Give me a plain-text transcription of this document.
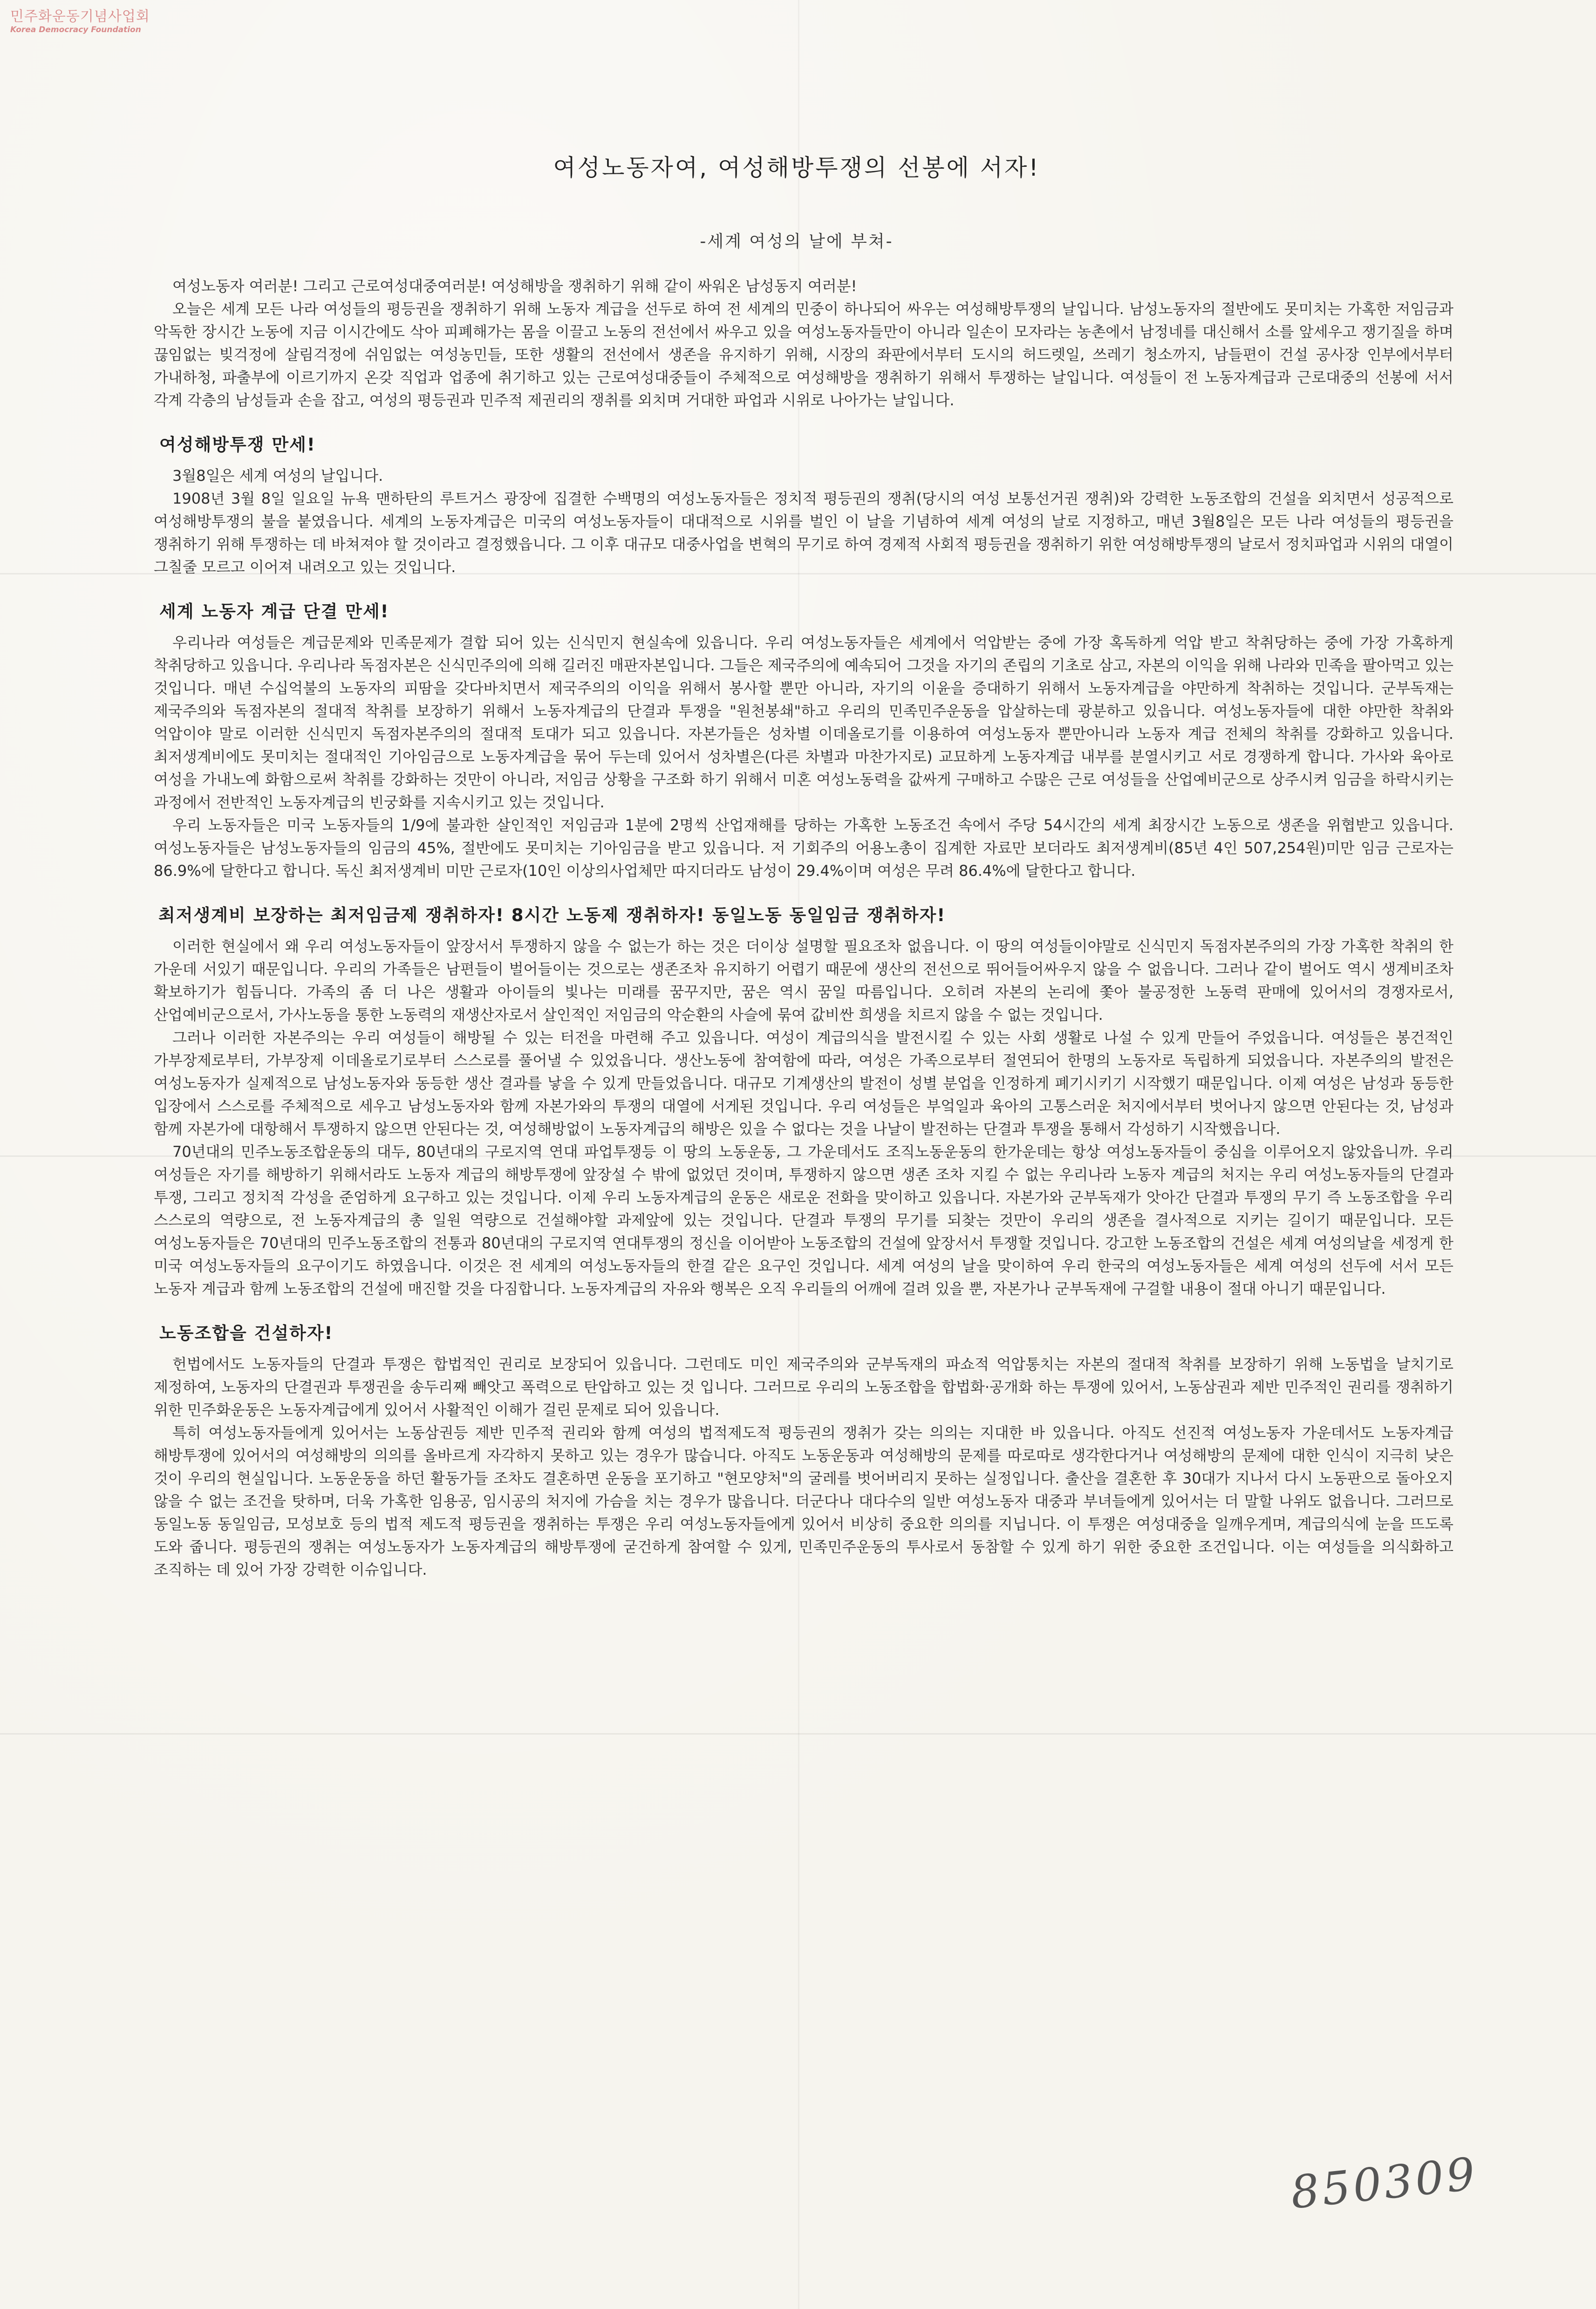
민주화운동기념사업회
Korea Democracy Foundation
여성노동자여, 여성해방투쟁의 선봉에 서자!
-세계 여성의 날에 부쳐-

여성노동자 여러분! 그리고 근로여성대중여러분! 여성해방을 쟁취하기 위해 같이 싸워온 남성동지 여러분!

오늘은 세계 모든 나라 여성들의 평등권을 쟁취하기 위해 노동자 계급을 선두로 하여 전 세계의 민중이 하나되어 싸우는 여성해방투쟁의 날입니다. 남성노동자의 절반에도 못미치는 가혹한 저임금과 악독한 장시간 노동에 지금 이시간에도 삭아 피폐해가는 몸을 이끌고 노동의 전선에서 싸우고 있을 여성노동자들만이 아니라 일손이 모자라는 농촌에서 남정네를 대신해서 소를 앞세우고 쟁기질을 하며 끊임없는 빚걱정에 살림걱정에 쉬임없는 여성농민들, 또한 생활의 전선에서 생존을 유지하기 위해, 시장의 좌판에서부터 도시의 허드렛일, 쓰레기 청소까지, 남들편이 건설 공사장 인부에서부터 가내하청, 파출부에 이르기까지 온갖 직업과 업종에 취기하고 있는 근로여성대중들이 주체적으로 여성해방을 쟁취하기 위해서 투쟁하는 날입니다. 여성들이 전 노동자계급과 근로대중의 선봉에 서서 각계 각층의 남성들과 손을 잡고, 여성의 평등권과 민주적 제권리의 쟁취를 외치며 거대한 파업과 시위로 나아가는 날입니다.

여성해방투쟁 만세!

3월8일은 세계 여성의 날입니다.

1908년 3월 8일 일요일 뉴욕 맨하탄의 루트거스 광장에 집결한 수백명의 여성노동자들은 정치적 평등권의 쟁취(당시의 여성 보통선거권 쟁취)와 강력한 노동조합의 건설을 외치면서 성공적으로 여성해방투쟁의 불을 붙였읍니다. 세계의 노동자계급은 미국의 여성노동자들이 대대적으로 시위를 벌인 이 날을 기념하여 세계 여성의 날로 지정하고, 매년 3월8일은 모든 나라 여성들의 평등권을 쟁취하기 위해 투쟁하는 데 바쳐져야 할 것이라고 결정했읍니다. 그 이후 대규모 대중사업을 변혁의 무기로 하여 경제적 사회적 평등권을 쟁취하기 위한 여성해방투쟁의 날로서 정치파업과 시위의 대열이 그칠줄 모르고 이어져 내려오고 있는 것입니다.

세계 노동자 계급 단결 만세!

우리나라 여성들은 계급문제와 민족문제가 결합 되어 있는 신식민지 현실속에 있읍니다. 우리 여성노동자들은 세계에서 억압받는 중에 가장 혹독하게 억압 받고 착취당하는 중에 가장 가혹하게 착취당하고 있읍니다. 우리나라 독점자본은 신식민주의에 의해 길러진 매판자본입니다. 그들은 제국주의에 예속되어 그것을 자기의 존립의 기초로 삼고, 자본의 이익을 위해 나라와 민족을 팔아먹고 있는 것입니다. 매년 수십억불의 노동자의 피땀을 갖다바치면서 제국주의의 이익을 위해서 봉사할 뿐만 아니라, 자기의 이윤을 증대하기 위해서 노동자계급을 야만하게 착취하는 것입니다. 군부독재는 제국주의와 독점자본의 절대적 착취를 보장하기 위해서 노동자계급의 단결과 투쟁을 "원천봉쇄"하고 우리의 민족민주운동을 압살하는데 광분하고 있읍니다. 여성노동자들에 대한 야만한 착취와 억압이야 말로 이러한 신식민지 독점자본주의의 절대적 토대가 되고 있읍니다. 자본가들은 성차별 이데올로기를 이용하여 여성노동자 뿐만아니라 노동자 계급 전체의 착취를 강화하고 있읍니다. 최저생계비에도 못미치는 절대적인 기아임금으로 노동자계급을 묶어 두는데 있어서 성차별은(다른 차별과 마찬가지로) 교묘하게 노동자계급 내부를 분열시키고 서로 경쟁하게 합니다. 가사와 육아로 여성을 가내노예 화함으로써 착취를 강화하는 것만이 아니라, 저임금 상황을 구조화 하기 위해서 미혼 여성노동력을 값싸게 구매하고 수많은 근로 여성들을 산업예비군으로 상주시켜 임금을 하락시키는 과정에서 전반적인 노동자계급의 빈궁화를 지속시키고 있는 것입니다.

우리 노동자들은 미국 노동자들의 1/9에 불과한 살인적인 저임금과 1분에 2명씩 산업재해를 당하는 가혹한 노동조건 속에서 주당 54시간의 세계 최장시간 노동으로 생존을 위협받고 있읍니다. 여성노동자들은 남성노동자들의 임금의 45%, 절반에도 못미치는 기아임금을 받고 있읍니다. 저 기회주의 어용노총이 집계한 자료만 보더라도 최저생계비(85년 4인 507,254원)미만 임금 근로자는 86.9%에 달한다고 합니다. 독신 최저생계비 미만 근로자(10인 이상의사업체만 따지더라도 남성이 29.4%이며 여성은 무려 86.4%에 달한다고 합니다.

최저생계비 보장하는 최저임금제 쟁취하자! 8시간 노동제 쟁취하자! 동일노동 동일임금 쟁취하자!

이러한 현실에서 왜 우리 여성노동자들이 앞장서서 투쟁하지 않을 수 없는가 하는 것은 더이상 설명할 필요조차 없읍니다. 이 땅의 여성들이야말로 신식민지 독점자본주의의 가장 가혹한 착취의 한 가운데 서있기 때문입니다. 우리의 가족들은 남편들이 벌어들이는 것으로는 생존조차 유지하기 어렵기 때문에 생산의 전선으로 뛰어들어싸우지 않을 수 없읍니다. 그러나 같이 벌어도 역시 생계비조차 확보하기가 힘듭니다. 가족의 좀 더 나은 생활과 아이들의 빛나는 미래를 꿈꾸지만, 꿈은 역시 꿈일 따름입니다. 오히려 자본의 논리에 쫓아 불공정한 노동력 판매에 있어서의 경쟁자로서, 산업예비군으로서, 가사노동을 통한 노동력의 재생산자로서 살인적인 저임금의 악순환의 사슬에 묶여 값비싼 희생을 치르지 않을 수 없는 것입니다.

그러나 이러한 자본주의는 우리 여성들이 해방될 수 있는 터전을 마련해 주고 있읍니다. 여성이 계급의식을 발전시킬 수 있는 사회 생활로 나설 수 있게 만들어 주었읍니다. 여성들은 봉건적인 가부장제로부터, 가부장제 이데올로기로부터 스스로를 풀어낼 수 있었읍니다. 생산노동에 참여함에 따라, 여성은 가족으로부터 절연되어 한명의 노동자로 독립하게 되었읍니다. 자본주의의 발전은 여성노동자가 실제적으로 남성노동자와 동등한 생산 결과를 낳을 수 있게 만들었읍니다. 대규모 기계생산의 발전이 성별 분업을 인정하게 폐기시키기 시작했기 때문입니다. 이제 여성은 남성과 동등한 입장에서 스스로를 주체적으로 세우고 남성노동자와 함께 자본가와의 투쟁의 대열에 서게된 것입니다. 우리 여성들은 부엌일과 육아의 고통스러운 처지에서부터 벗어나지 않으면 안된다는 것, 남성과 함께 자본가에 대항해서 투쟁하지 않으면 안된다는 것, 여성해방없이 노동자계급의 해방은 있을 수 없다는 것을 나날이 발전하는 단결과 투쟁을 통해서 각성하기 시작했읍니다.

70년대의 민주노동조합운동의 대두, 80년대의 구로지역 연대 파업투쟁등 이 땅의 노동운동, 그 가운데서도 조직노동운동의 한가운데는 항상 여성노동자들이 중심을 이루어오지 않았읍니까. 우리 여성들은 자기를 해방하기 위해서라도 노동자 계급의 해방투쟁에 앞장설 수 밖에 없었던 것이며, 투쟁하지 않으면 생존 조차 지킬 수 없는 우리나라 노동자 계급의 처지는 우리 여성노동자들의 단결과 투쟁, 그리고 정치적 각성을 준엄하게 요구하고 있는 것입니다. 이제 우리 노동자계급의 운동은 새로운 전화을 맞이하고 있읍니다. 자본가와 군부독재가 앗아간 단결과 투쟁의 무기 즉 노동조합을 우리 스스로의 역량으로, 전 노동자계급의 총 일원 역량으로 건설해야할 과제앞에 있는 것입니다. 단결과 투쟁의 무기를 되찾는 것만이 우리의 생존을 결사적으로 지키는 길이기 때문입니다. 모든 여성노동자들은 70년대의 민주노동조합의 전통과 80년대의 구로지역 연대투쟁의 정신을 이어받아 노동조합의 건설에 앞장서서 투쟁할 것입니다. 강고한 노동조합의 건설은 세계 여성의날을 세정게 한 미국 여성노동자들의 요구이기도 하였읍니다. 이것은 전 세계의 여성노동자들의 한결 같은 요구인 것입니다. 세계 여성의 날을 맞이하여 우리 한국의 여성노동자들은 세계 여성의 선두에 서서 모든 노동자 계급과 함께 노동조합의 건설에 매진할 것을 다짐합니다. 노동자계급의 자유와 행복은 오직 우리들의 어깨에 걸려 있을 뿐, 자본가나 군부독재에 구걸할 내용이 절대 아니기 때문입니다.

노동조합을 건설하자!

헌법에서도 노동자들의 단결과 투쟁은 합법적인 권리로 보장되어 있읍니다. 그런데도 미인 제국주의와 군부독재의 파쇼적 억압통치는 자본의 절대적 착취를 보장하기 위해 노동법을 날치기로 제정하여, 노동자의 단결권과 투쟁권을 송두리째 빼앗고 폭력으로 탄압하고 있는 것 입니다. 그러므로 우리의 노동조합을 합법화·공개화 하는 투쟁에 있어서, 노동삼권과 제반 민주적인 권리를 쟁취하기 위한 민주화운동은 노동자계급에게 있어서 사활적인 이해가 걸린 문제로 되어 있읍니다.

특히 여성노동자들에게 있어서는 노동삼권등 제반 민주적 권리와 함께 여성의 법적제도적 평등권의 쟁취가 갖는 의의는 지대한 바 있읍니다. 아직도 선진적 여성노동자 가운데서도 노동자계급 해방투쟁에 있어서의 여성해방의 의의를 올바르게 자각하지 못하고 있는 경우가 많습니다. 아직도 노동운동과 여성해방의 문제를 따로따로 생각한다거나 여성해방의 문제에 대한 인식이 지극히 낮은 것이 우리의 현실입니다. 노동운동을 하던 활동가들 조차도 결혼하면 운동을 포기하고 "현모양처"의 굴레를 벗어버리지 못하는 실정입니다. 출산을 결혼한 후 30대가 지나서 다시 노동판으로 돌아오지 않을 수 없는 조건을 탓하며, 더욱 가혹한 임용공, 임시공의 처지에 가슴을 치는 경우가 많읍니다. 더군다나 대다수의 일반 여성노동자 대중과 부녀들에게 있어서는 더 말할 나위도 없읍니다. 그러므로 동일노동 동일임금, 모성보호 등의 법적 제도적 평등권을 쟁취하는 투쟁은 우리 여성노동자들에게 있어서 비상히 중요한 의의를 지닙니다. 이 투쟁은 여성대중을 일깨우게며, 계급의식에 눈을 뜨도록 도와 줍니다. 평등권의 쟁취는 여성노동자가 노동자계급의 해방투쟁에 굳건하게 참여할 수 있게, 민족민주운동의 투사로서 동참할 수 있게 하기 위한 중요한 조건입니다. 이는 여성들을 의식화하고 조직하는 데 있어 가장 강력한 이슈입니다.

850309
